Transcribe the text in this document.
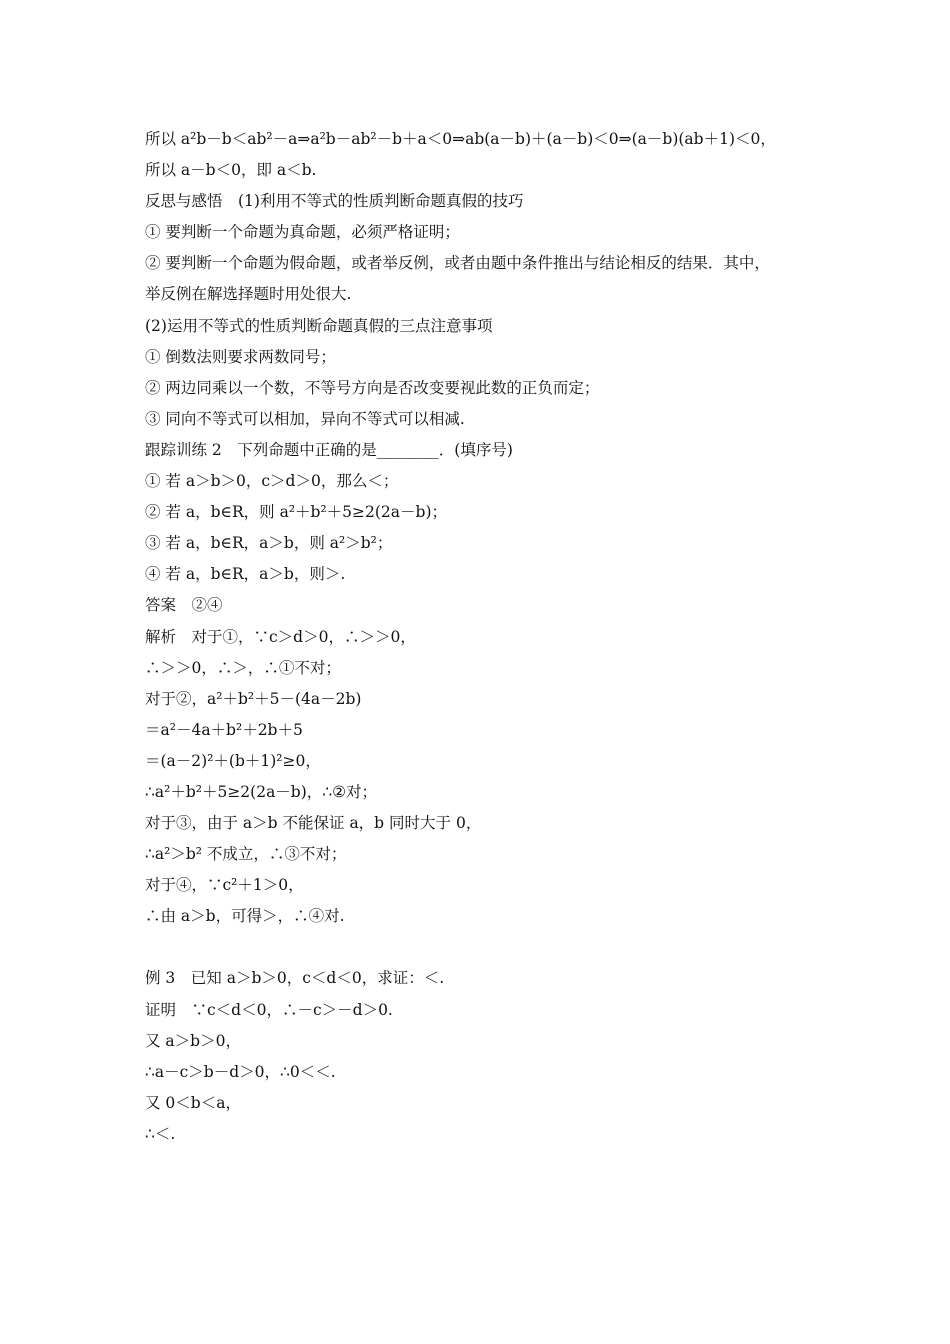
所以 a²b－b＜ab²－a⇒a²b－ab²－b＋a＜0⇒ab(a－b)＋(a－b)＜0⇒(a－b)(ab＋1)＜0，
所以 a－b＜0，即 a＜b.
反思与感悟　(1)利用不等式的性质判断命题真假的技巧
① 要判断一个命题为真命题，必须严格证明；
② 要判断一个命题为假命题，或者举反例，或者由题中条件推出与结论相反的结果．其中，
举反例在解选择题时用处很大.
(2)运用不等式的性质判断命题真假的三点注意事项
① 倒数法则要求两数同号；
② 两边同乘以一个数，不等号方向是否改变要视此数的正负而定；
③ 同向不等式可以相加，异向不等式可以相减.
跟踪训练 2　下列命题中正确的是________．(填序号)
① 若 a＞b＞0，c＞d＞0，那么＜；
② 若 a，b∈R，则 a²＋b²＋5≥2(2a－b)；
③ 若 a，b∈R，a＞b，则 a²＞b²；
④ 若 a，b∈R，a＞b，则＞.
答案　②④
解析　对于①，∵c＞d＞0，∴＞＞0，
∴＞＞0，∴＞，∴①不对；
对于②，a²＋b²＋5－(4a－2b)
＝a²－4a＋b²＋2b＋5
＝(a－2)²＋(b＋1)²≥0，
∴a²＋b²＋5≥2(2a－b)，∴②对；
对于③，由于 a＞b 不能保证 a，b 同时大于 0，
∴a²＞b² 不成立，∴③不对；
对于④，∵c²＋1＞0，
∴由 a＞b，可得＞，∴④对.
例 3　已知 a＞b＞0，c＜d＜0，求证：＜.
证明　∵c＜d＜0，∴－c＞－d＞0.
又 a＞b＞0，
∴a－c＞b－d＞0，∴0＜＜.
又 0＜b＜a，
∴＜.
